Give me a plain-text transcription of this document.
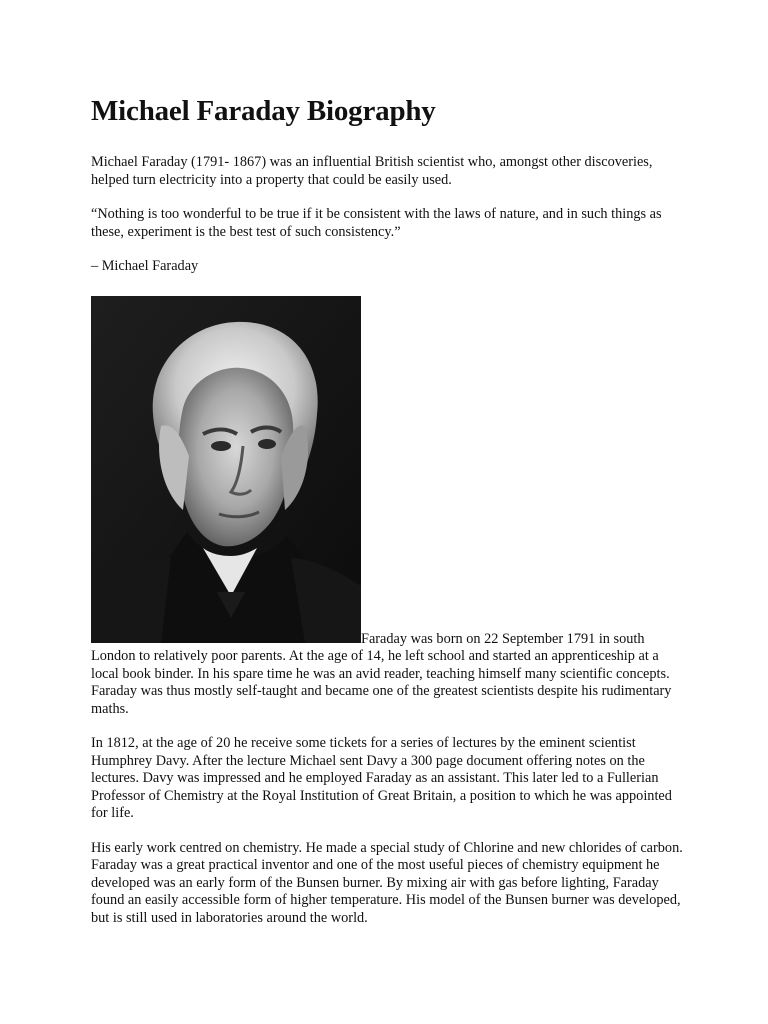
Michael Faraday Biography

Michael Faraday (1791- 1867) was an influential British scientist who, amongst other discoveries, helped turn electricity into a property that could be easily used.

“Nothing is too wonderful to be true if it be consistent with the laws of nature, and in such things as these, experiment is the best test of such consistency.”

– Michael Faraday

Faraday was born on 22 September 1791 in south London to relatively poor parents. At the age of 14, he left school and started an apprenticeship at a local book binder. In his spare time he was an avid reader, teaching himself many scientific concepts. Faraday was thus mostly self-taught and became one of the greatest scientists despite his rudimentary maths.

In 1812, at the age of 20 he receive some tickets for a series of lectures by the eminent scientist Humphrey Davy. After the lecture Michael sent Davy a 300 page document offering notes on the lectures. Davy was impressed and he employed Faraday as an assistant. This later led to a Fullerian Professor of Chemistry at the Royal Institution of Great Britain, a position to which he was appointed for life.

His early work centred on chemistry. He made a special study of Chlorine and new chlorides of carbon. Faraday was a great practical inventor and one of the most useful pieces of chemistry equipment he developed was an early form of the Bunsen burner. By mixing air with gas before lighting, Faraday found an easily accessible form of higher temperature. His model of the Bunsen burner was developed, but is still used in laboratories around the world.
